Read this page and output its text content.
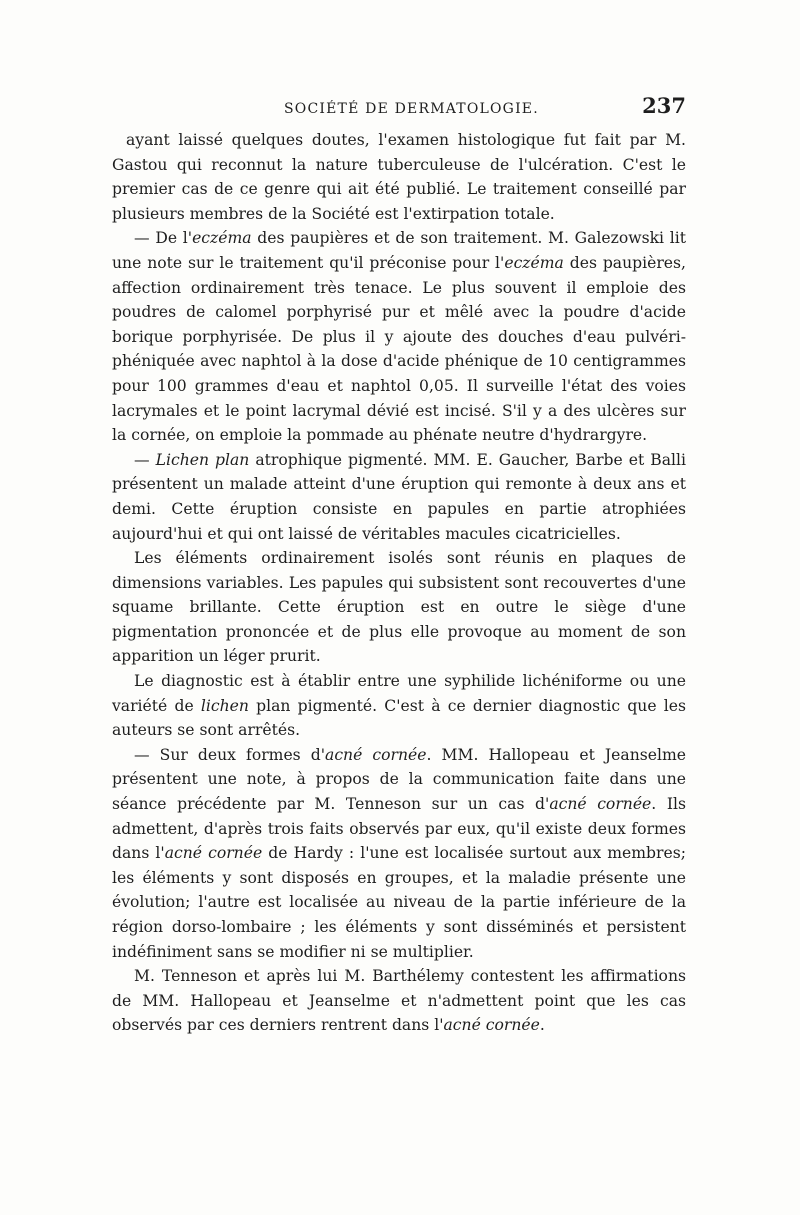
SOCIÉTÉ DE DERMATOLOGIE.	237

ayant laissé quelques doutes, l'examen histologique fut fait par M. Gastou qui reconnut la nature tuberculeuse de l'ulcération. C'est le premier cas de ce genre qui ait été publié. Le traitement conseillé par plusieurs membres de la Société est l'extirpation totale.

— De l'eczéma des paupières et de son traitement. M. Galezowski lit une note sur le traitement qu'il préconise pour l'eczéma des paupières, affection ordinairement très tenace. Le plus souvent il emploie des poudres de calomel porphyrisé pur et mêlé avec la poudre d'acide borique porphyrisée. De plus il y ajoute des douches d'eau pulvéri-phéniquée avec naphtol à la dose d'acide phénique de 10 centigrammes pour 100 grammes d'eau et naphtol 0,05. Il surveille l'état des voies lacrymales et le point lacrymal dévié est incisé. S'il y a des ulcères sur la cornée, on emploie la pommade au phénate neutre d'hydrargyre.

— Lichen plan atrophique pigmenté. MM. E. Gaucher, Barbe et Balli présentent un malade atteint d'une éruption qui remonte à deux ans et demi. Cette éruption consiste en papules en partie atrophiées aujourd'hui et qui ont laissé de véritables macules cicatricielles.

Les éléments ordinairement isolés sont réunis en plaques de dimensions variables. Les papules qui subsistent sont recouvertes d'une squame brillante. Cette éruption est en outre le siège d'une pigmentation prononcée et de plus elle provoque au moment de son apparition un léger prurit.

Le diagnostic est à établir entre une syphilide lichéniforme ou une variété de lichen plan pigmenté. C'est à ce dernier diagnostic que les auteurs se sont arrêtés.

— Sur deux formes d'acné cornée. MM. Hallopeau et Jeanselme présentent une note, à propos de la communication faite dans une séance précédente par M. Tenneson sur un cas d'acné cornée. Ils admettent, d'après trois faits observés par eux, qu'il existe deux formes dans l'acné cornée de Hardy : l'une est localisée surtout aux membres; les éléments y sont disposés en groupes, et la maladie présente une évolution; l'autre est localisée au niveau de la partie inférieure de la région dorso-lombaire ; les éléments y sont disséminés et persistent indéfiniment sans se modifier ni se multiplier.

M. Tenneson et après lui M. Barthélemy contestent les affirmations de MM. Hallopeau et Jeanselme et n'admettent point que les cas observés par ces derniers rentrent dans l'acné cornée.
